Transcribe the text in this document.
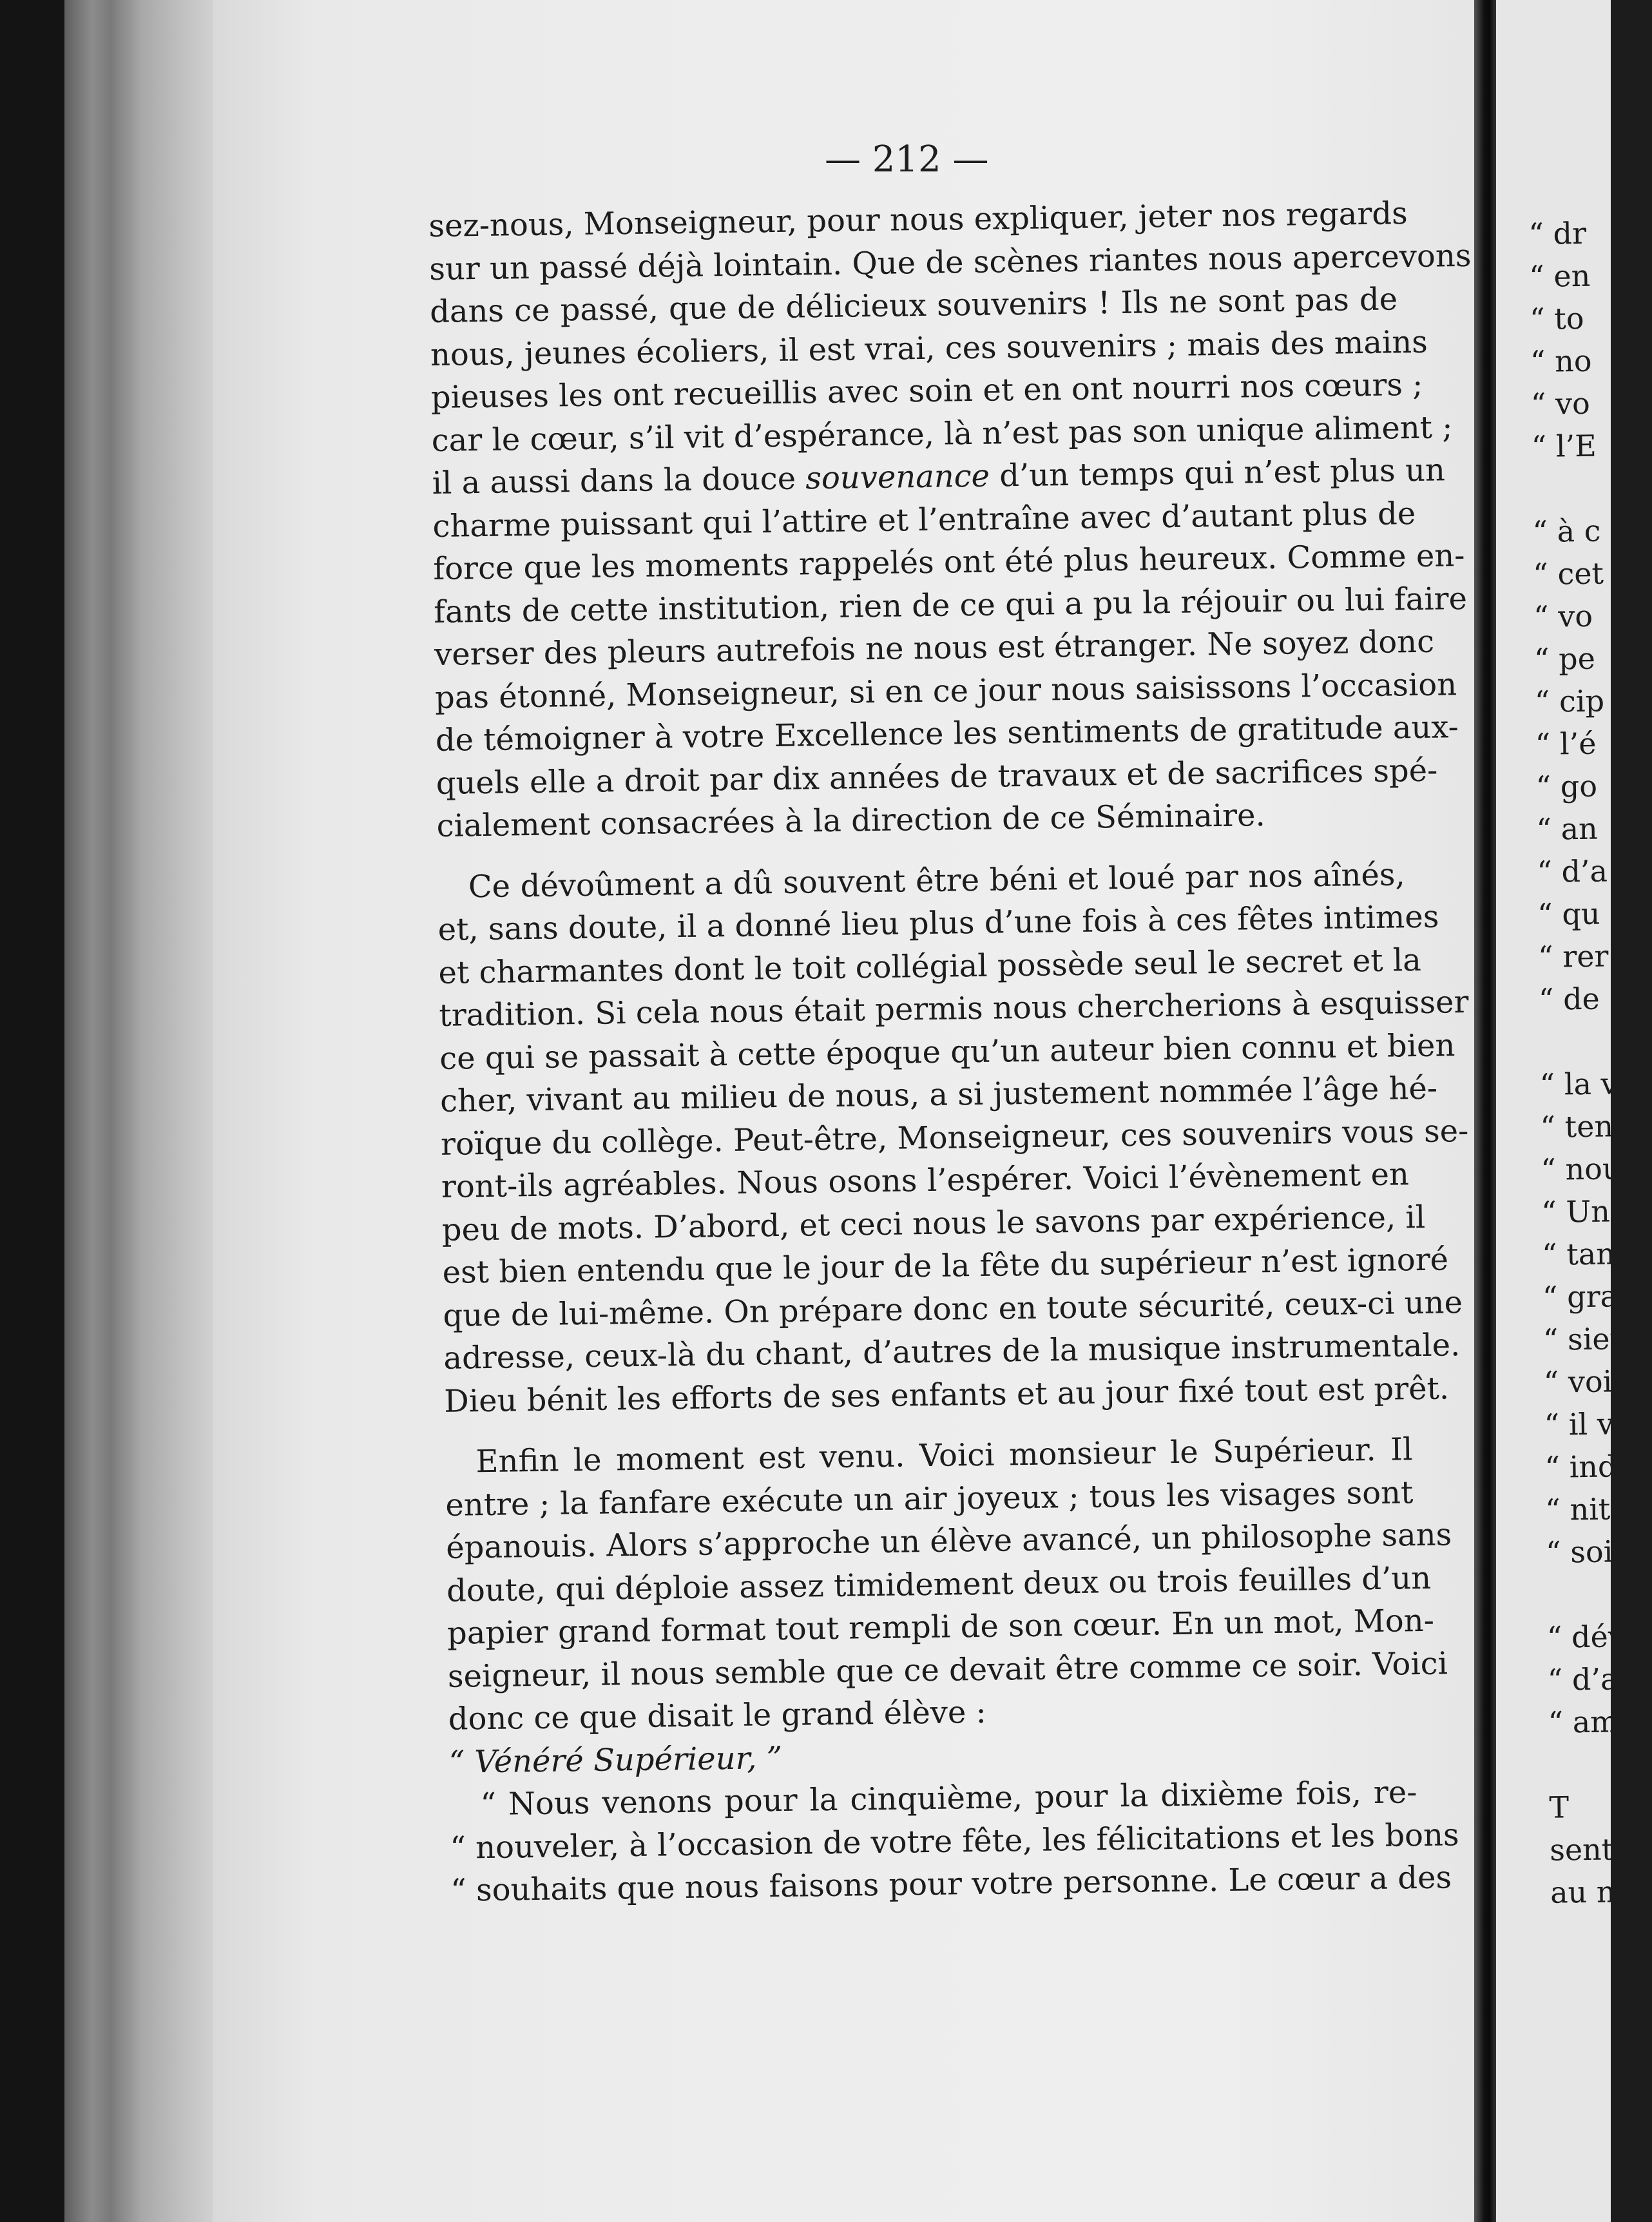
— 212 —

sez-nous, Monseigneur, pour nous expliquer, jeter nos regards
sur un passé déjà lointain. Que de scènes riantes nous apercevons
dans ce passé, que de délicieux souvenirs ! Ils ne sont pas de
nous, jeunes écoliers, il est vrai, ces souvenirs ; mais des mains
pieuses les ont recueillis avec soin et en ont nourri nos cœurs ;
car le cœur, s’il vit d’espérance, là n’est pas son unique aliment ;
il a aussi dans la douce souvenance d’un temps qui n’est plus un
charme puissant qui l’attire et l’entraîne avec d’autant plus de
force que les moments rappelés ont été plus heureux. Comme en-
fants de cette institution, rien de ce qui a pu la réjouir ou lui faire
verser des pleurs autrefois ne nous est étranger. Ne soyez donc
pas étonné, Monseigneur, si en ce jour nous saisissons l’occasion
de témoigner à votre Excellence les sentiments de gratitude aux-
quels elle a droit par dix années de travaux et de sacrifices spé-
cialement consacrées à la direction de ce Séminaire.
Ce dévoûment a dû souvent être béni et loué par nos aînés,
et, sans doute, il a donné lieu plus d’une fois à ces fêtes intimes
et charmantes dont le toit collégial possède seul le secret et la
tradition. Si cela nous était permis nous chercherions à esquisser
ce qui se passait à cette époque qu’un auteur bien connu et bien
cher, vivant au milieu de nous, a si justement nommée l’âge hé-
roïque du collège. Peut-être, Monseigneur, ces souvenirs vous se-
ront-ils agréables. Nous osons l’espérer. Voici l’évènement en
peu de mots. D’abord, et ceci nous le savons par expérience, il
est bien entendu que le jour de la fête du supérieur n’est ignoré
que de lui-même. On prépare donc en toute sécurité, ceux-ci une
adresse, ceux-là du chant, d’autres de la musique instrumentale.
Dieu bénit les efforts de ses enfants et au jour fixé tout est prêt.
Enfin le moment est venu. Voici monsieur le Supérieur. Il
entre ; la fanfare exécute un air joyeux ; tous les visages sont
épanouis. Alors s’approche un élève avancé, un philosophe sans
doute, qui déploie assez timidement deux ou trois feuilles d’un
papier grand format tout rempli de son cœur. En un mot, Mon-
seigneur, il nous semble que ce devait être comme ce soir. Voici
donc ce que disait le grand élève :
“ Vénéré Supérieur, ”
“ Nous venons pour la cinquième, pour la dixième fois, re-
“ nouveler, à l’occasion de votre fête, les félicitations et les bons
“ souhaits que nous faisons pour votre personne. Le cœur a des
“ dr
“ en
“ to
“ no
“ vo
“ l’E
“ à c
“ cet
“ vo
“ pe
“ cip
“ l’é
“ go
“ an
“ d’a
“ qu
“ rer
“ de
“ la v
“ ten
“ nou
“ Un
“ tan
“ gra
“ sieu
“ voi
“ il v
“ indu
“ nit
“ soir
“ dév
“ d’ac
“ amo
T
sentim
au nor
